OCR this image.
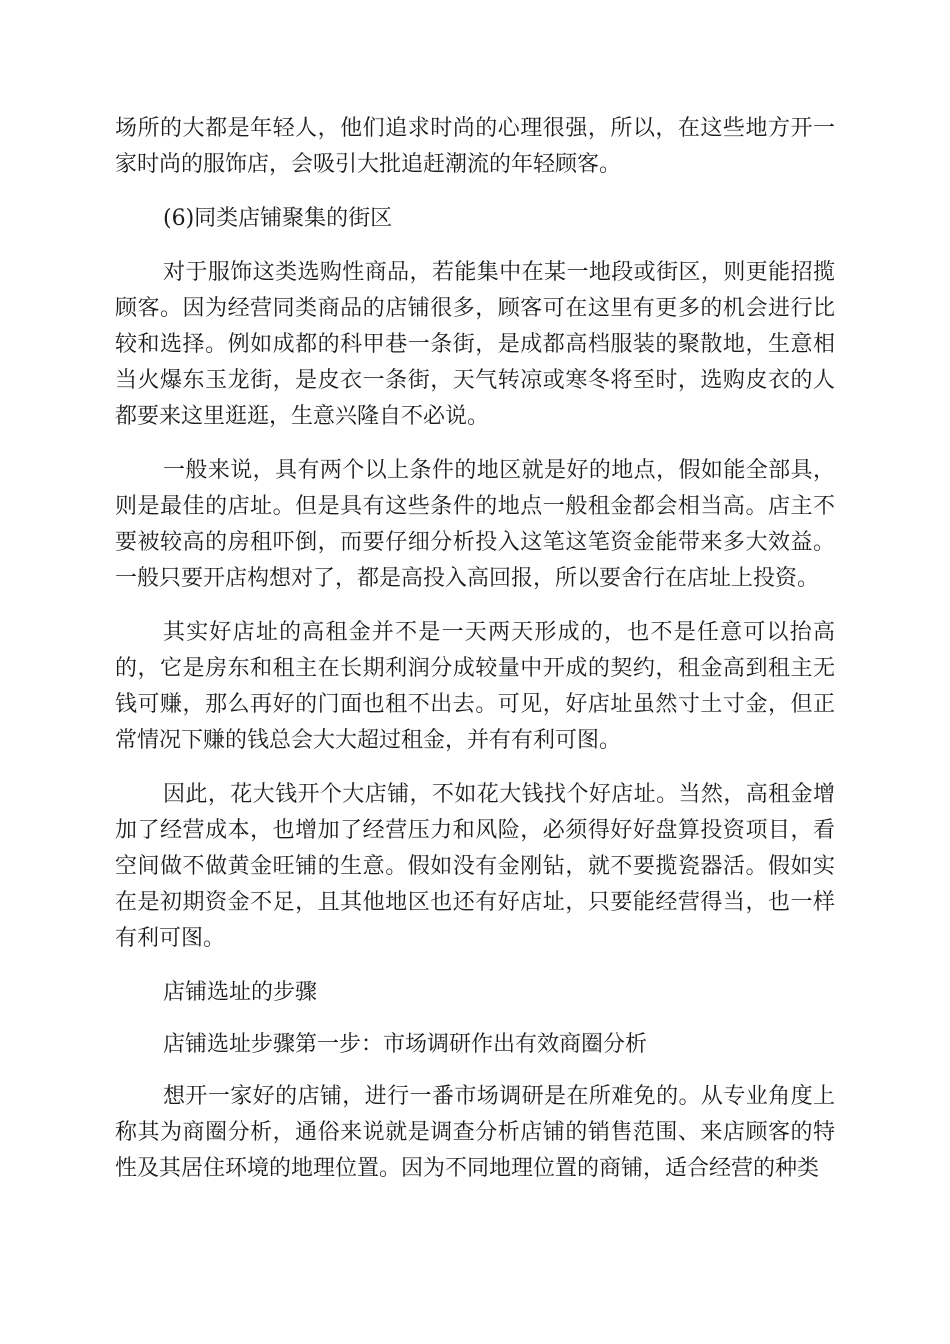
场所的大都是年轻人，他们追求时尚的心理很强，所以，在这些地方开一家时尚的服饰店，会吸引大批追赶潮流的年轻顾客。

(6)同类店铺聚集的街区

对于服饰这类选购性商品，若能集中在某一地段或街区，则更能招揽顾客。因为经营同类商品的店铺很多，顾客可在这里有更多的机会进行比较和选择。例如成都的科甲巷一条街，是成都高档服装的聚散地，生意相当火爆东玉龙街，是皮衣一条街，天气转凉或寒冬将至时，选购皮衣的人都要来这里逛逛，生意兴隆自不必说。

一般来说，具有两个以上条件的地区就是好的地点，假如能全部具，则是最佳的店址。但是具有这些条件的地点一般租金都会相当高。店主不要被较高的房租吓倒，而要仔细分析投入这笔这笔资金能带来多大效益。一般只要开店构想对了，都是高投入高回报，所以要舍行在店址上投资。

其实好店址的高租金并不是一天两天形成的，也不是任意可以抬高的，它是房东和租主在长期利润分成较量中开成的契约，租金高到租主无钱可赚，那么再好的门面也租不出去。可见，好店址虽然寸土寸金，但正常情况下赚的钱总会大大超过租金，并有有利可图。

因此，花大钱开个大店铺，不如花大钱找个好店址。当然，高租金增加了经营成本，也增加了经营压力和风险，必须得好好盘算投资项目，看空间做不做黄金旺铺的生意。假如没有金刚钻，就不要揽瓷器活。假如实在是初期资金不足，且其他地区也还有好店址，只要能经营得当，也一样有利可图。

店铺选址的步骤

店铺选址步骤第一步：市场调研作出有效商圈分析

想开一家好的店铺，进行一番市场调研是在所难免的。从专业角度上称其为商圈分析，通俗来说就是调查分析店铺的销售范围、来店顾客的特性及其居住环境的地理位置。因为不同地理位置的商铺，适合经营的种类
